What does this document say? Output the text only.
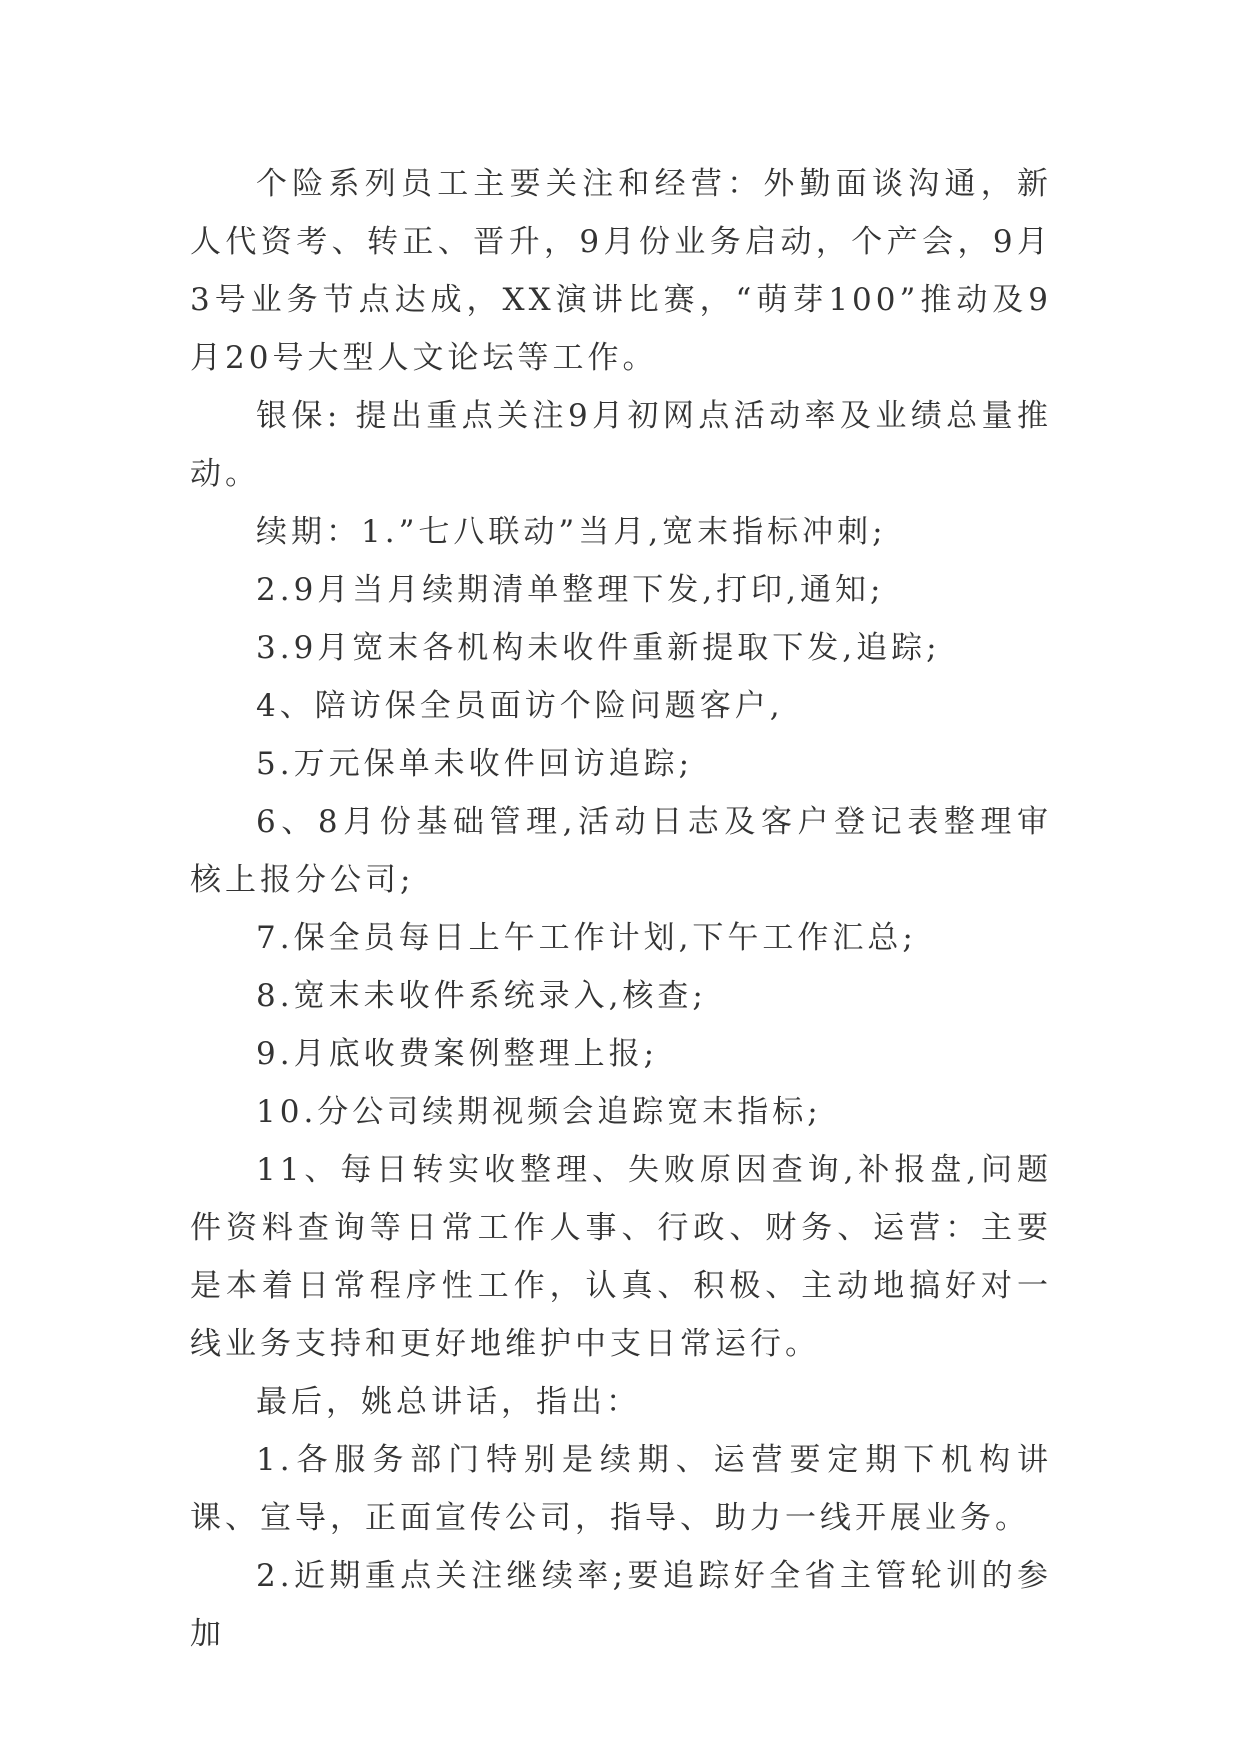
个险系列员工主要关注和经营：外勤面谈沟通，新人代资考、转正、晋升，9月份业务启动，个产会，9月3号业务节点达成，XX演讲比赛，“萌芽100”推动及9月20号大型人文论坛等工作。

银保: 提出重点关注9月初网点活动率及业绩总量推动。

续期：1.”七八联动”当月,宽末指标冲刺;

2.9月当月续期清单整理下发,打印,通知;

3.9月宽末各机构未收件重新提取下发,追踪;

4、陪访保全员面访个险问题客户,

5.万元保单未收件回访追踪;

6、8月份基础管理,活动日志及客户登记表整理审核上报分公司;

7.保全员每日上午工作计划,下午工作汇总;

8.宽末未收件系统录入,核查;

9.月底收费案例整理上报;

10.分公司续期视频会追踪宽末指标;

11、每日转实收整理、失败原因查询,补报盘,问题件资料查询等日常工作人事、行政、财务、运营：主要是本着日常程序性工作，认真、积极、主动地搞好对一线业务支持和更好地维护中支日常运行。

最后，姚总讲话，指出：

1.各服务部门特别是续期、运营要定期下机构讲课、宣导，正面宣传公司，指导、助力一线开展业务。

2.近期重点关注继续率;要追踪好全省主管轮训的参加
